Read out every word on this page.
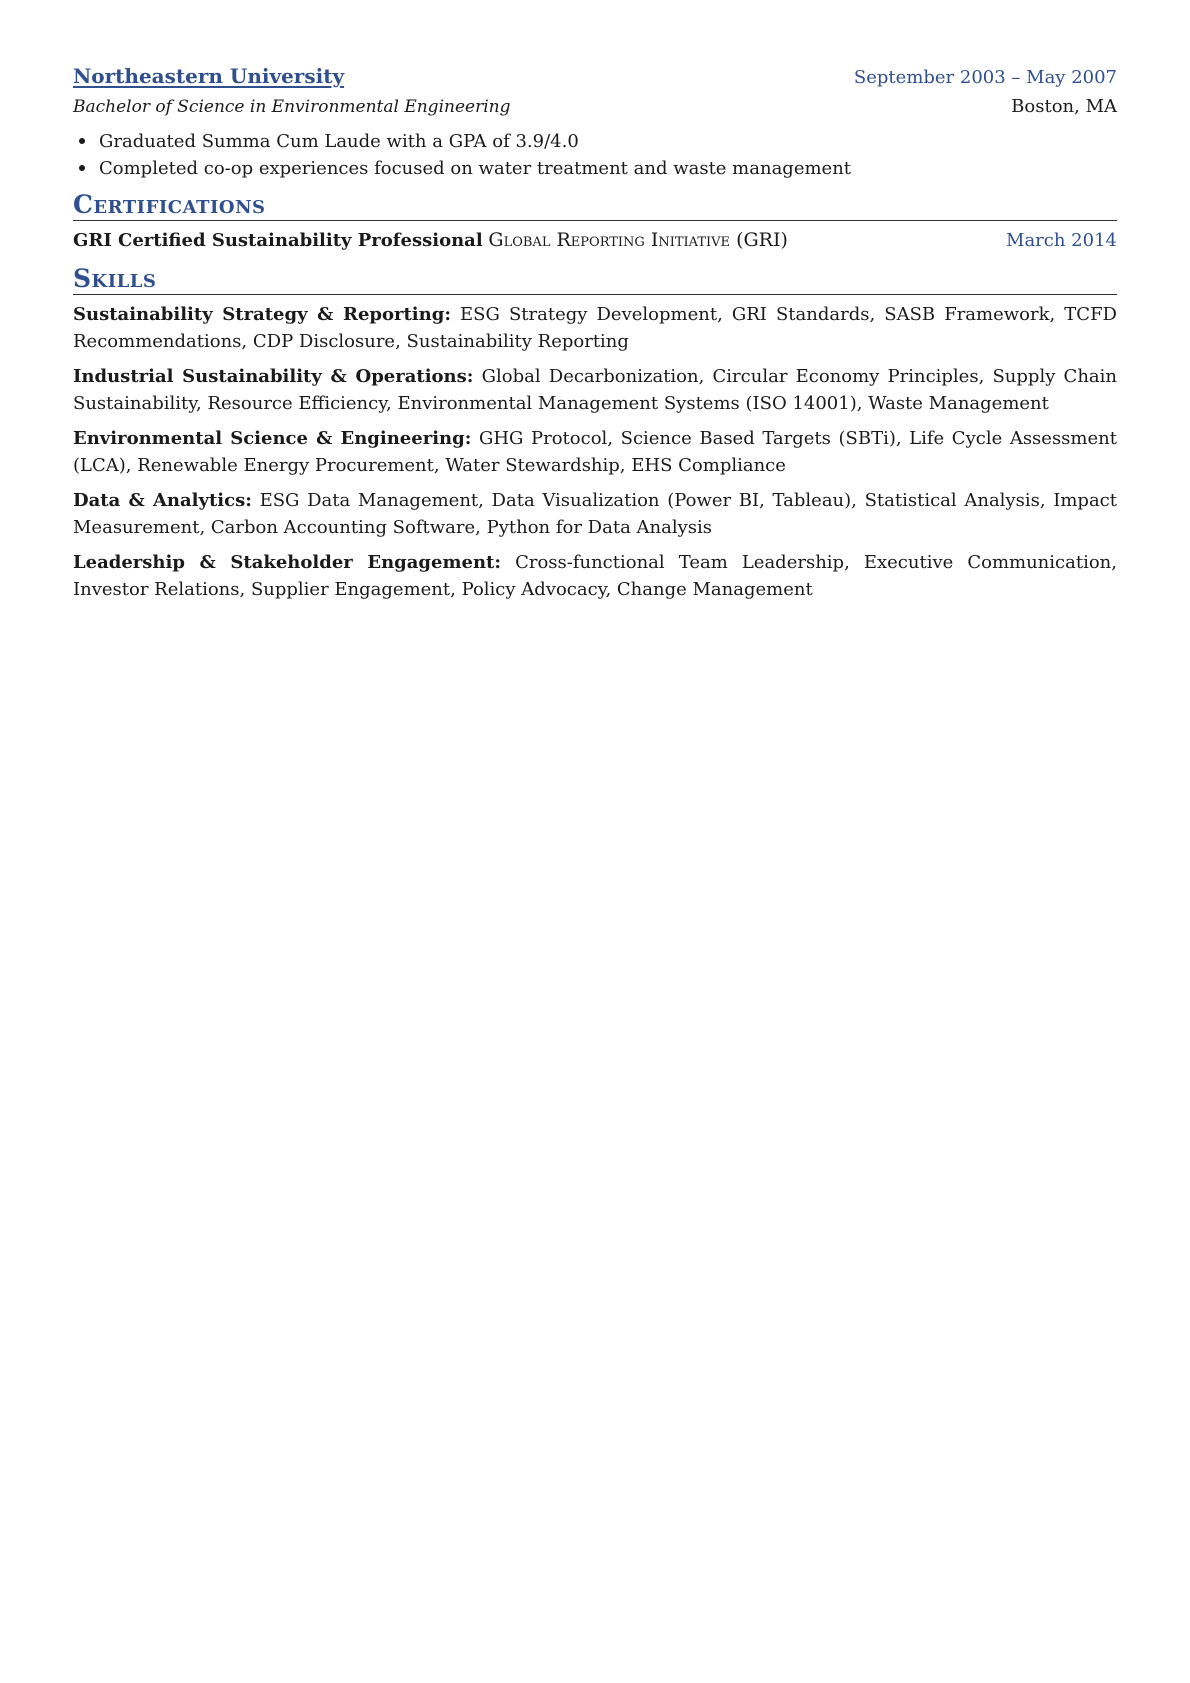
Northeastern University	September 2003 – May 2007
Bachelor of Science in Environmental Engineering	Boston, MA
Graduated Summa Cum Laude with a GPA of 3.9/4.0
Completed co-op experiences focused on water treatment and waste management
Certifications
GRI Certified Sustainability Professional Global Reporting Initiative (GRI)	March 2014
Skills

Sustainability Strategy & Reporting: ESG Strategy Development, GRI Standards, SASB Framework, TCFD Recommendations, CDP Disclosure, Sustainability Reporting

Industrial Sustainability & Operations: Global Decarbonization, Circular Economy Principles, Supply Chain Sustainability, Resource Efficiency, Environmental Management Systems (ISO 14001), Waste Management

Environmental Science & Engineering: GHG Protocol, Science Based Targets (SBTi), Life Cycle Assessment (LCA), Renewable Energy Procurement, Water Stewardship, EHS Compliance

Data & Analytics: ESG Data Management, Data Visualization (Power BI, Tableau), Statistical Analysis, Impact Measurement, Carbon Accounting Software, Python for Data Analysis

Leadership & Stakeholder Engagement: Cross-functional Team Leadership, Executive Communication, Investor Relations, Supplier Engagement, Policy Advocacy, Change Management
